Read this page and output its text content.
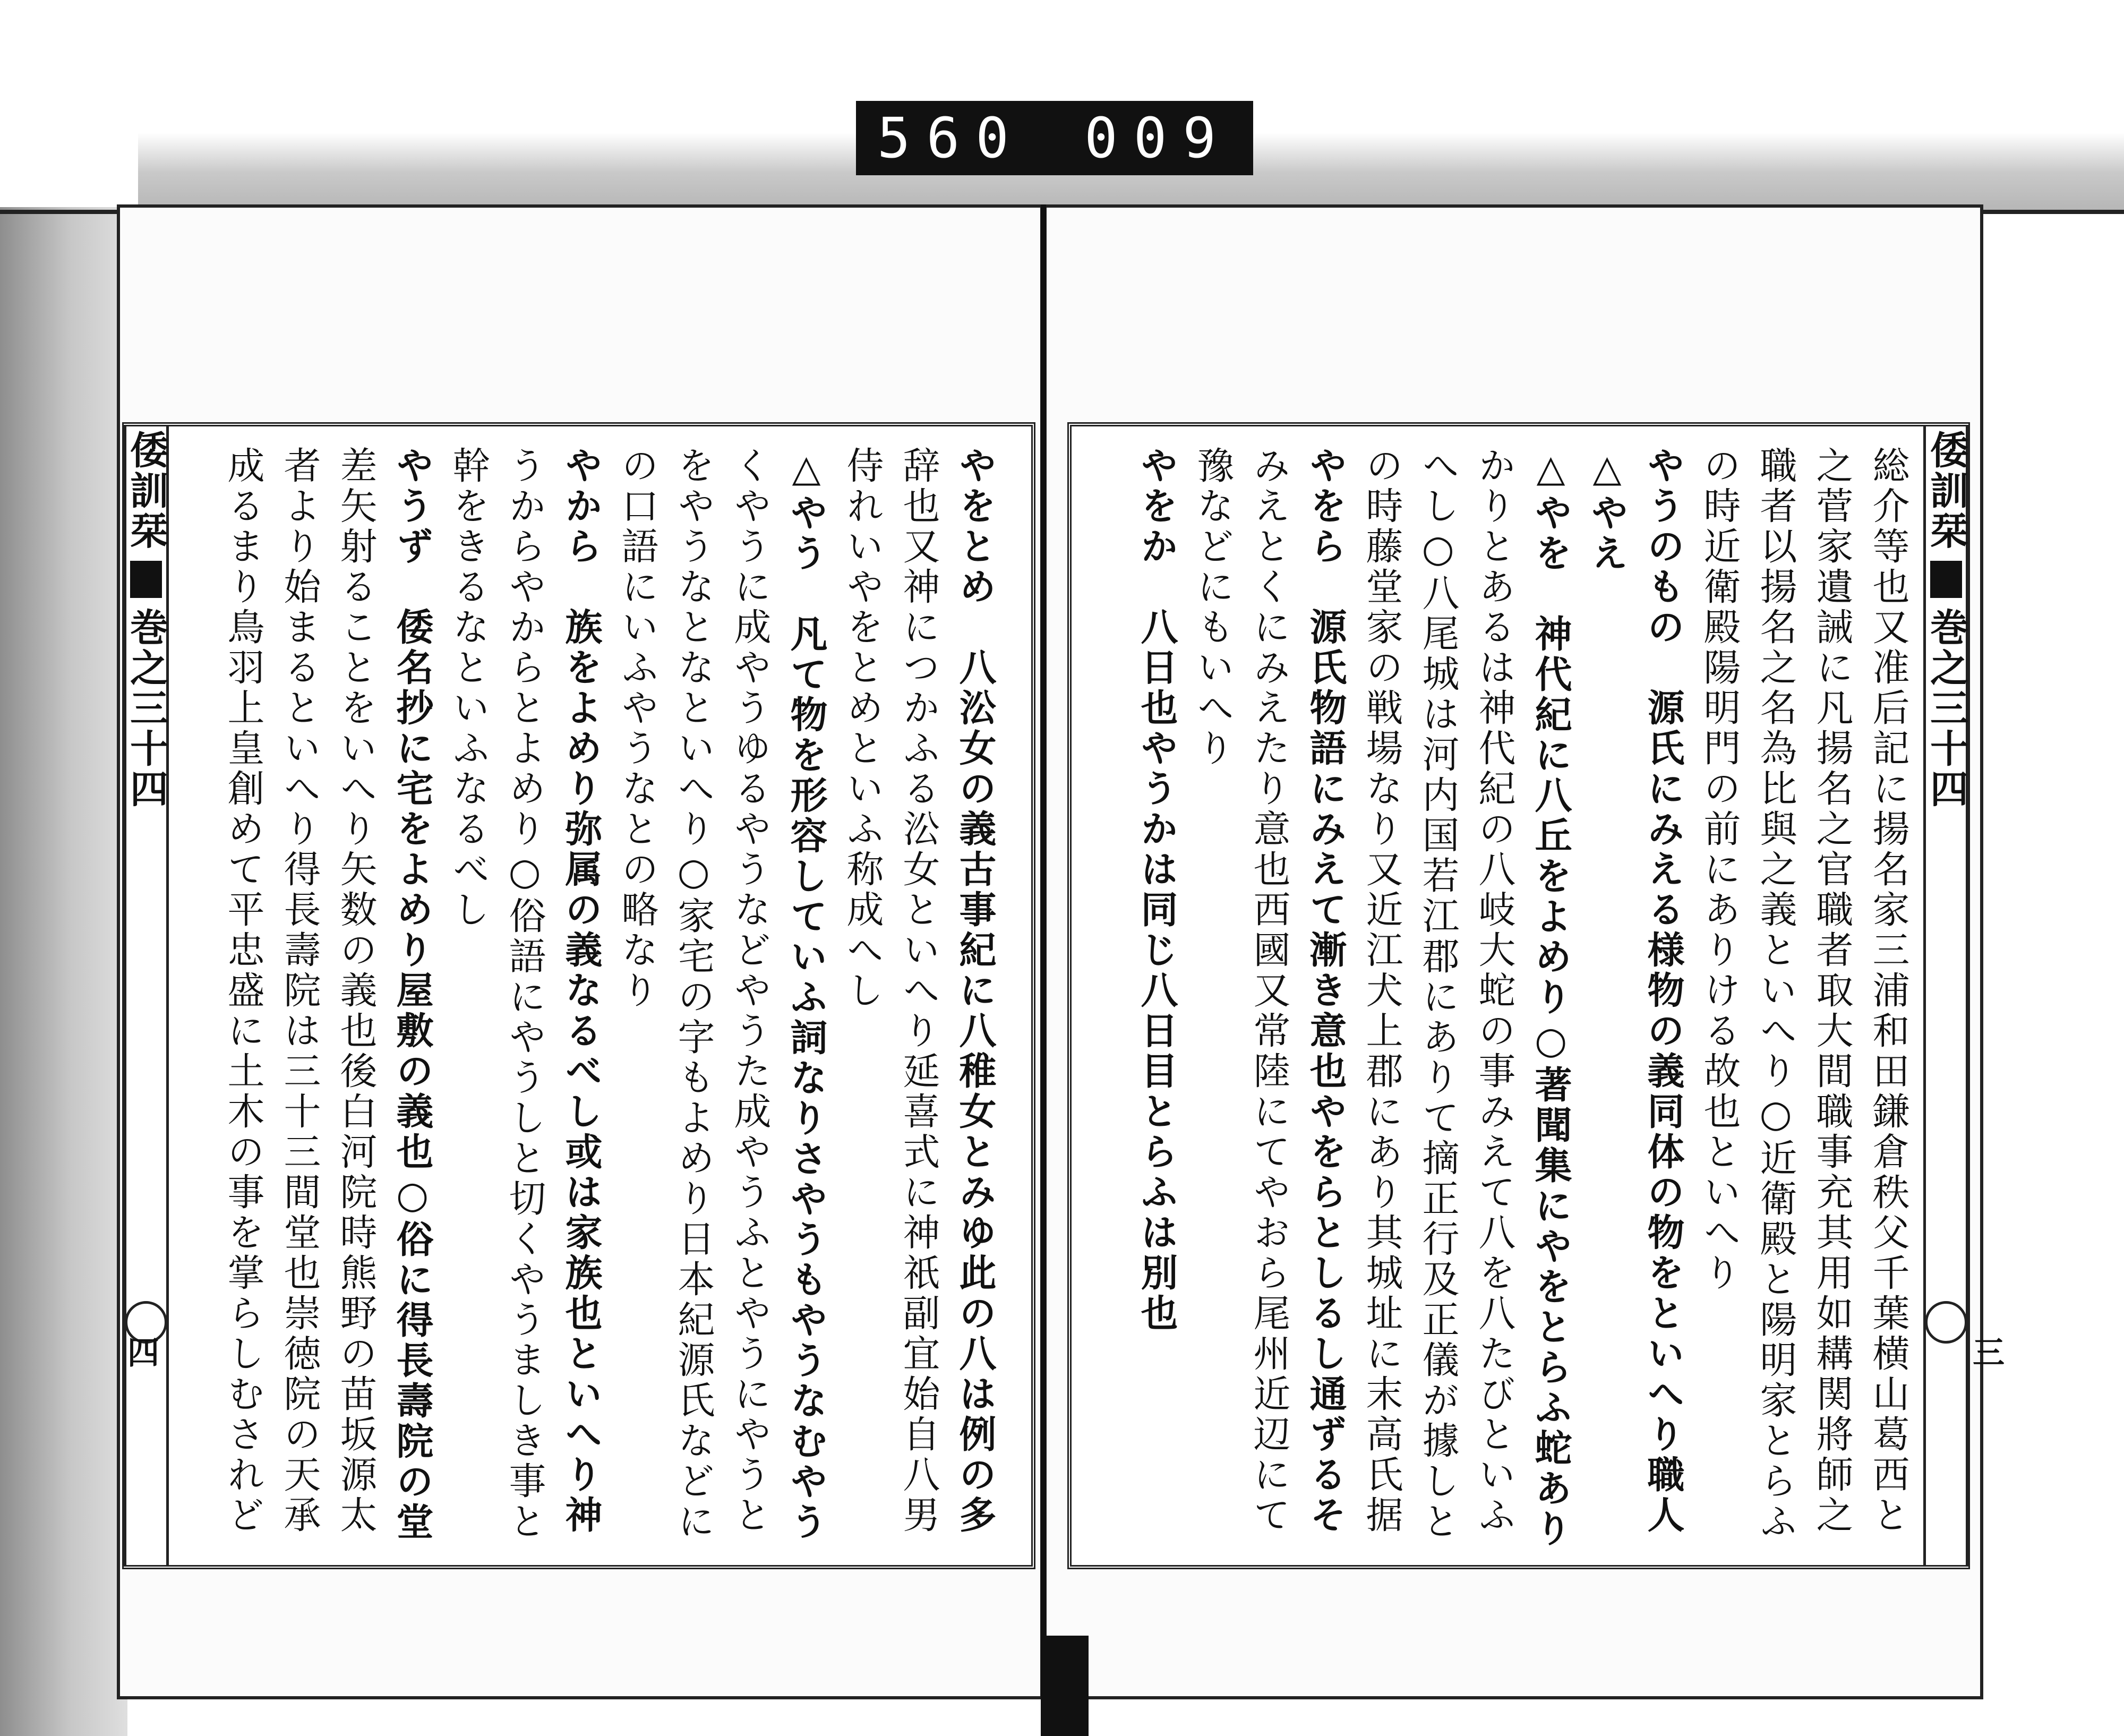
560 009
倭訓栞
巻之三十四
四
倭訓栞
巻之三十四
三
やをとめ　八㳂女の義古事紀に八稚女とみゆ此の八は例の多
辞也又神につかふる㳂女といへり延喜式に神祇副宜始自八男
侍れいやをとめといふ称成へし
△やう　凡て物を形容していふ詞なりさやうもやうなむやう
くやうに成やうゆるやうなどやうた成やうふとやうにやうと
をやうなとなといへり○家宅の字もよめり日本紀源氏などに
の口語にいふやうなとの略なり
やから　族をよめり弥属の義なるべし或は家族也といへり神
うからやからとよめり○俗語にやうしと切くやうましき事と
幹をきるなといふなるべし
やうず　倭名抄に宅をよめり屋敷の義也○俗に得長壽院の堂
差矢射ることをいへり矢数の義也後白河院時熊野の苗坂源太
者より始まるといへり得長壽院は三十三間堂也崇徳院の天承
成るまり鳥羽上皇創めて平忠盛に土木の事を掌らしむされど
総介等也又准后記に揚名家三浦和田鎌倉秩父千葉横山葛西と
之菅家遺誡に凡揚名之官職者取大間職事充其用如耩関將師之
職者以揚名之名為比與之義といへり○近衛殿と陽明家とらふ
の時近衛殿陽明門の前にありける故也といへり
やうのもの　源氏にみえる様物の義同体の物をといへり職人
△やえ
△やを　神代紀に八丘をよめり○著聞集にやをとらふ蛇あり
かりとあるは神代紀の八岐大蛇の事みえて八を八たびといふ
へし○八尾城は河内国若江郡にありて摘正行及正儀が據しと
の時藤堂家の戦場なり又近江犬上郡にあり其城址に末高氏据
やをら　源氏物語にみえて漸き意也やをらとしるし通ずるそ
みえとくにみえたり意也西國又常陸にてやおら尾州近辺にて
豫などにもいへり
やをか　八日也やうかは同じ八日目とらふは別也
